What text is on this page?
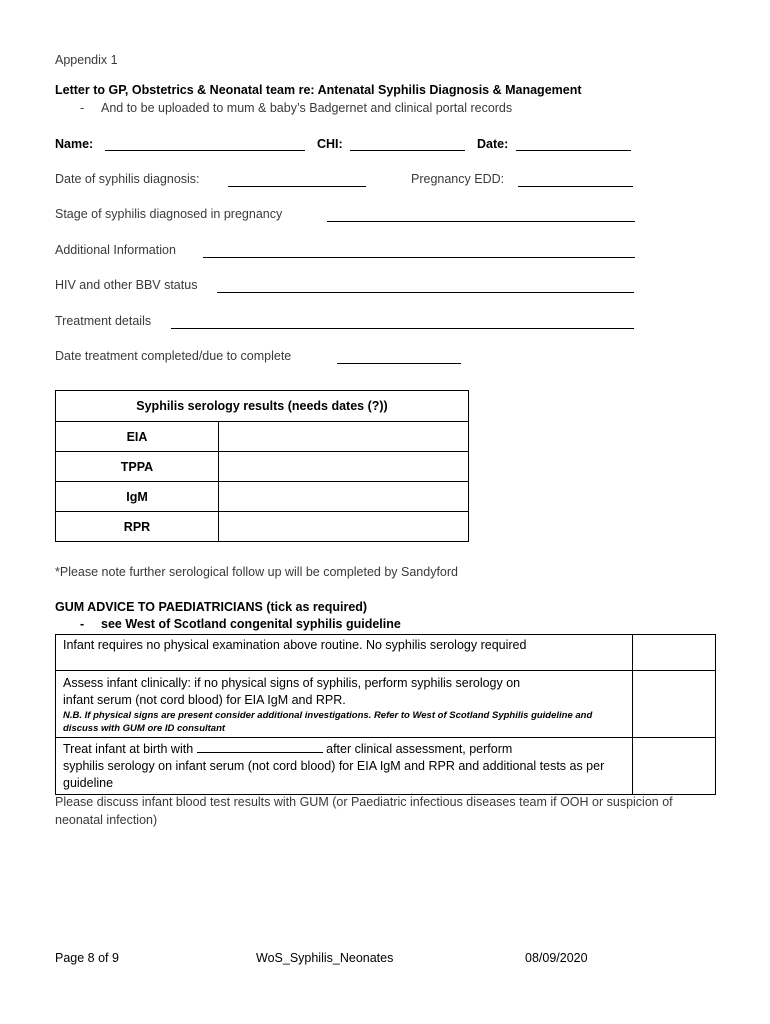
Appendix 1
Letter to GP, Obstetrics & Neonatal team re: Antenatal Syphilis Diagnosis & Management
- And to be uploaded to mum & baby’s Badgernet and clinical portal records
Name:	CHI:	Date:
Date of syphilis diagnosis:	Pregnancy EDD:
Stage of syphilis diagnosed in pregnancy
Additional Information
HIV and other BBV status
Treatment details
Date treatment completed/due to complete
Syphilis serology results (needs dates (?))	
EIA	
TPPA	
IgM	
RPR	
*Please note further serological follow up will be completed by Sandyford
GUM ADVICE TO PAEDIATRICIANS (tick as required)
- see West of Scotland congenital syphilis guideline
Infant requires no physical examination above routine. No syphilis serology required	
Assess infant clinically: if no physical signs of syphilis, perform syphilis serology on
infant serum (not cord blood) for EIA IgM and RPR.
N.B. If physical signs are present consider additional investigations. Refer to West of Scotland Syphilis guideline and discuss with GUM ore ID consultant	

Treat infant at birth with after clinical assessment, perform
syphilis serology on infant serum (not cord blood) for EIA IgM and RPR and additional tests as per guideline	
Please discuss infant blood test results with GUM (or Paediatric infectious diseases team if OOH or suspicion of neonatal infection)
Page 8 of 9	WoS_Syphilis_Neonates	08/09/2020
